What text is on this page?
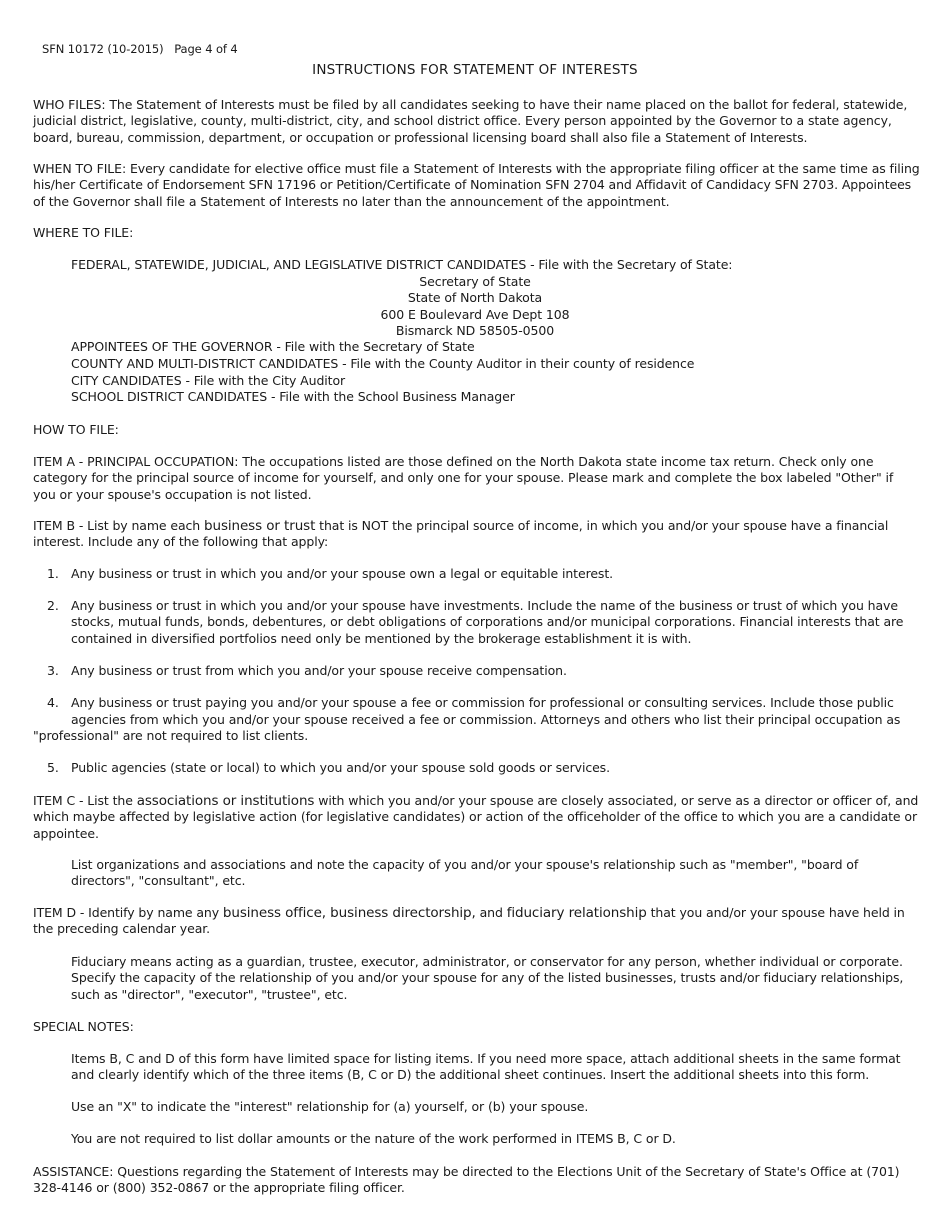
SFN 10172 (10-2015) Page 4 of 4
INSTRUCTIONS FOR STATEMENT OF INTERESTS
WHO FILES: The Statement of Interests must be filed by all candidates seeking to have their name placed on the ballot for federal, statewide, judicial district, legislative, county, multi-district, city, and school district office. Every person appointed by the Governor to a state agency, board, bureau, commission, department, or occupation or professional licensing board shall also file a Statement of Interests.
WHEN TO FILE: Every candidate for elective office must file a Statement of Interests with the appropriate filing officer at the same time as filing his/her Certificate of Endorsement SFN 17196 or Petition/Certificate of Nomination SFN 2704 and Affidavit of Candidacy SFN 2703. Appointees of the Governor shall file a Statement of Interests no later than the announcement of the appointment.
WHERE TO FILE:
FEDERAL, STATEWIDE, JUDICIAL, AND LEGISLATIVE DISTRICT CANDIDATES - File with the Secretary of State:
Secretary of State
State of North Dakota
600 E Boulevard Ave Dept 108
Bismarck ND 58505-0500
APPOINTEES OF THE GOVERNOR - File with the Secretary of State
COUNTY AND MULTI-DISTRICT CANDIDATES - File with the County Auditor in their county of residence
CITY CANDIDATES - File with the City Auditor
SCHOOL DISTRICT CANDIDATES - File with the School Business Manager
HOW TO FILE:
ITEM A - PRINCIPAL OCCUPATION: The occupations listed are those defined on the North Dakota state income tax return. Check only one category for the principal source of income for yourself, and only one for your spouse. Please mark and complete the box labeled "Other" if you or your spouse's occupation is not listed.
ITEM B - List by name each business or trust that is NOT the principal source of income, in which you and/or your spouse have a financial interest. Include any of the following that apply:
1. Any business or trust in which you and/or your spouse own a legal or equitable interest.
2. Any business or trust in which you and/or your spouse have investments. Include the name of the business or trust of which you have stocks, mutual funds, bonds, debentures, or debt obligations of corporations and/or municipal corporations. Financial interests that are contained in diversified portfolios need only be mentioned by the brokerage establishment it is with.
3. Any business or trust from which you and/or your spouse receive compensation.
4. Any business or trust paying you and/or your spouse a fee or commission for professional or consulting services. Include those public
agencies from which you and/or your spouse received a fee or commission. Attorneys and others who list their principal occupation as
"professional" are not required to list clients.
5. Public agencies (state or local) to which you and/or your spouse sold goods or services.
ITEM C - List the associations or institutions with which you and/or your spouse are closely associated, or serve as a director or officer of, and which maybe affected by legislative action (for legislative candidates) or action of the officeholder of the office to which you are a candidate or appointee.
List organizations and associations and note the capacity of you and/or your spouse's relationship such as "member", "board of directors", "consultant", etc.
ITEM D - Identify by name any business office, business directorship, and fiduciary relationship that you and/or your spouse have held in the preceding calendar year.
Fiduciary means acting as a guardian, trustee, executor, administrator, or conservator for any person, whether individual or corporate. Specify the capacity of the relationship of you and/or your spouse for any of the listed businesses, trusts and/or fiduciary relationships, such as "director", "executor", "trustee", etc.
SPECIAL NOTES:
Items B, C and D of this form have limited space for listing items. If you need more space, attach additional sheets in the same format and clearly identify which of the three items (B, C or D) the additional sheet continues. Insert the additional sheets into this form.
Use an "X" to indicate the "interest" relationship for (a) yourself, or (b) your spouse.
You are not required to list dollar amounts or the nature of the work performed in ITEMS B, C or D.
ASSISTANCE: Questions regarding the Statement of Interests may be directed to the Elections Unit of the Secretary of State's Office at (701) 328-4146 or (800) 352-0867 or the appropriate filing officer.
